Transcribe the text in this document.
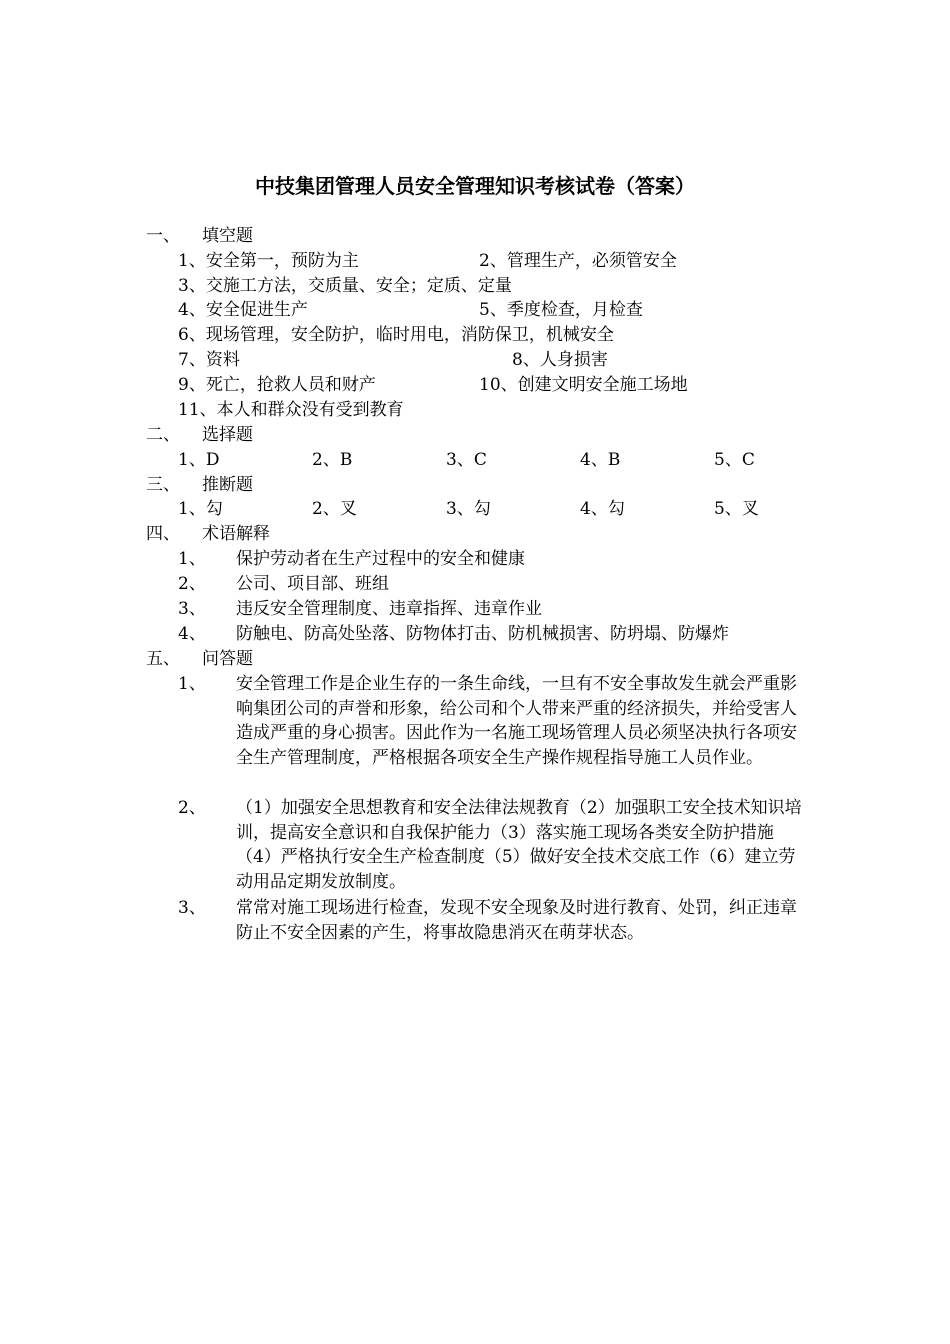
中技集团管理人员安全管理知识考核试卷（答案）
一、 填空题
1、安全第一，预防为主	2、管理生产，必须管安全
3、交施工方法，交质量、安全；定质、定量
4、安全促进生产	5、季度检查，月检查
6、现场管理，安全防护，临时用电，消防保卫，机械安全
7、资料	8、人身损害
9、死亡，抢救人员和财产	10、创建文明安全施工场地
11、本人和群众没有受到教育
二、 选择题
1、D	2、B	3、C	4、B	5、C
三、 推断题
1、勾	2、叉	3、勾	4、勾	5、叉
四、 术语解释
1、 保护劳动者在生产过程中的安全和健康
2、 公司、项目部、班组
3、 违反安全管理制度、违章指挥、违章作业
4、 防触电、防高处坠落、防物体打击、防机械损害、防坍塌、防爆炸
五、 问答题
1、 安全管理工作是企业生存的一条生命线，一旦有不安全事故发生就会严重影响集团公司的声誉和形象，给公司和个人带来严重的经济损失，并给受害人造成严重的身心损害。因此作为一名施工现场管理人员必须坚决执行各项安全生产管理制度，严格根据各项安全生产操作规程指导施工人员作业。
2、 （1）加强安全思想教育和安全法律法规教育（2）加强职工安全技术知识培训，提高安全意识和自我保护能力（3）落实施工现场各类安全防护措施（4）严格执行安全生产检查制度（5）做好安全技术交底工作（6）建立劳动用品定期发放制度。
3、 常常对施工现场进行检查，发现不安全现象及时进行教育、处罚，纠正违章防止不安全因素的产生，将事故隐患消灭在萌芽状态。
